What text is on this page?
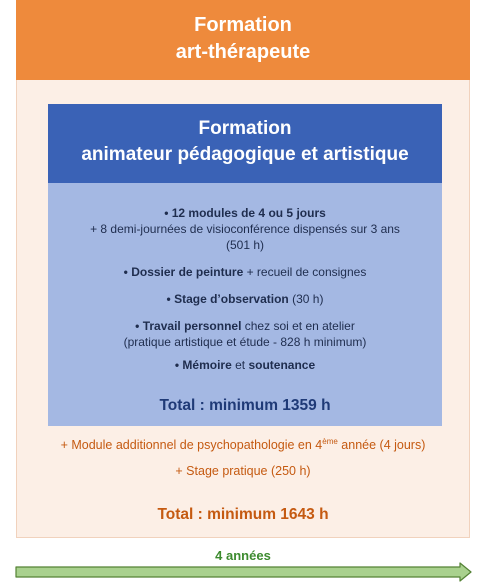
Formation
art-thérapeute
Formation
animateur pédagogique et artistique
• 12 modules de 4 ou 5 jours
+ 8 demi-journées de visioconférence dispensés sur 3 ans
(501 h)
• Dossier de peinture + recueil de consignes
• Stage d’observation (30 h)
• Travail personnel chez soi et en atelier
(pratique artistique et étude - 828 h minimum)
• Mémoire et soutenance
Total : minimum 1359 h
+ Module additionnel de psychopathologie en 4ème année (4 jours)
+ Stage pratique (250 h)
Total : minimum 1643 h
4 années
